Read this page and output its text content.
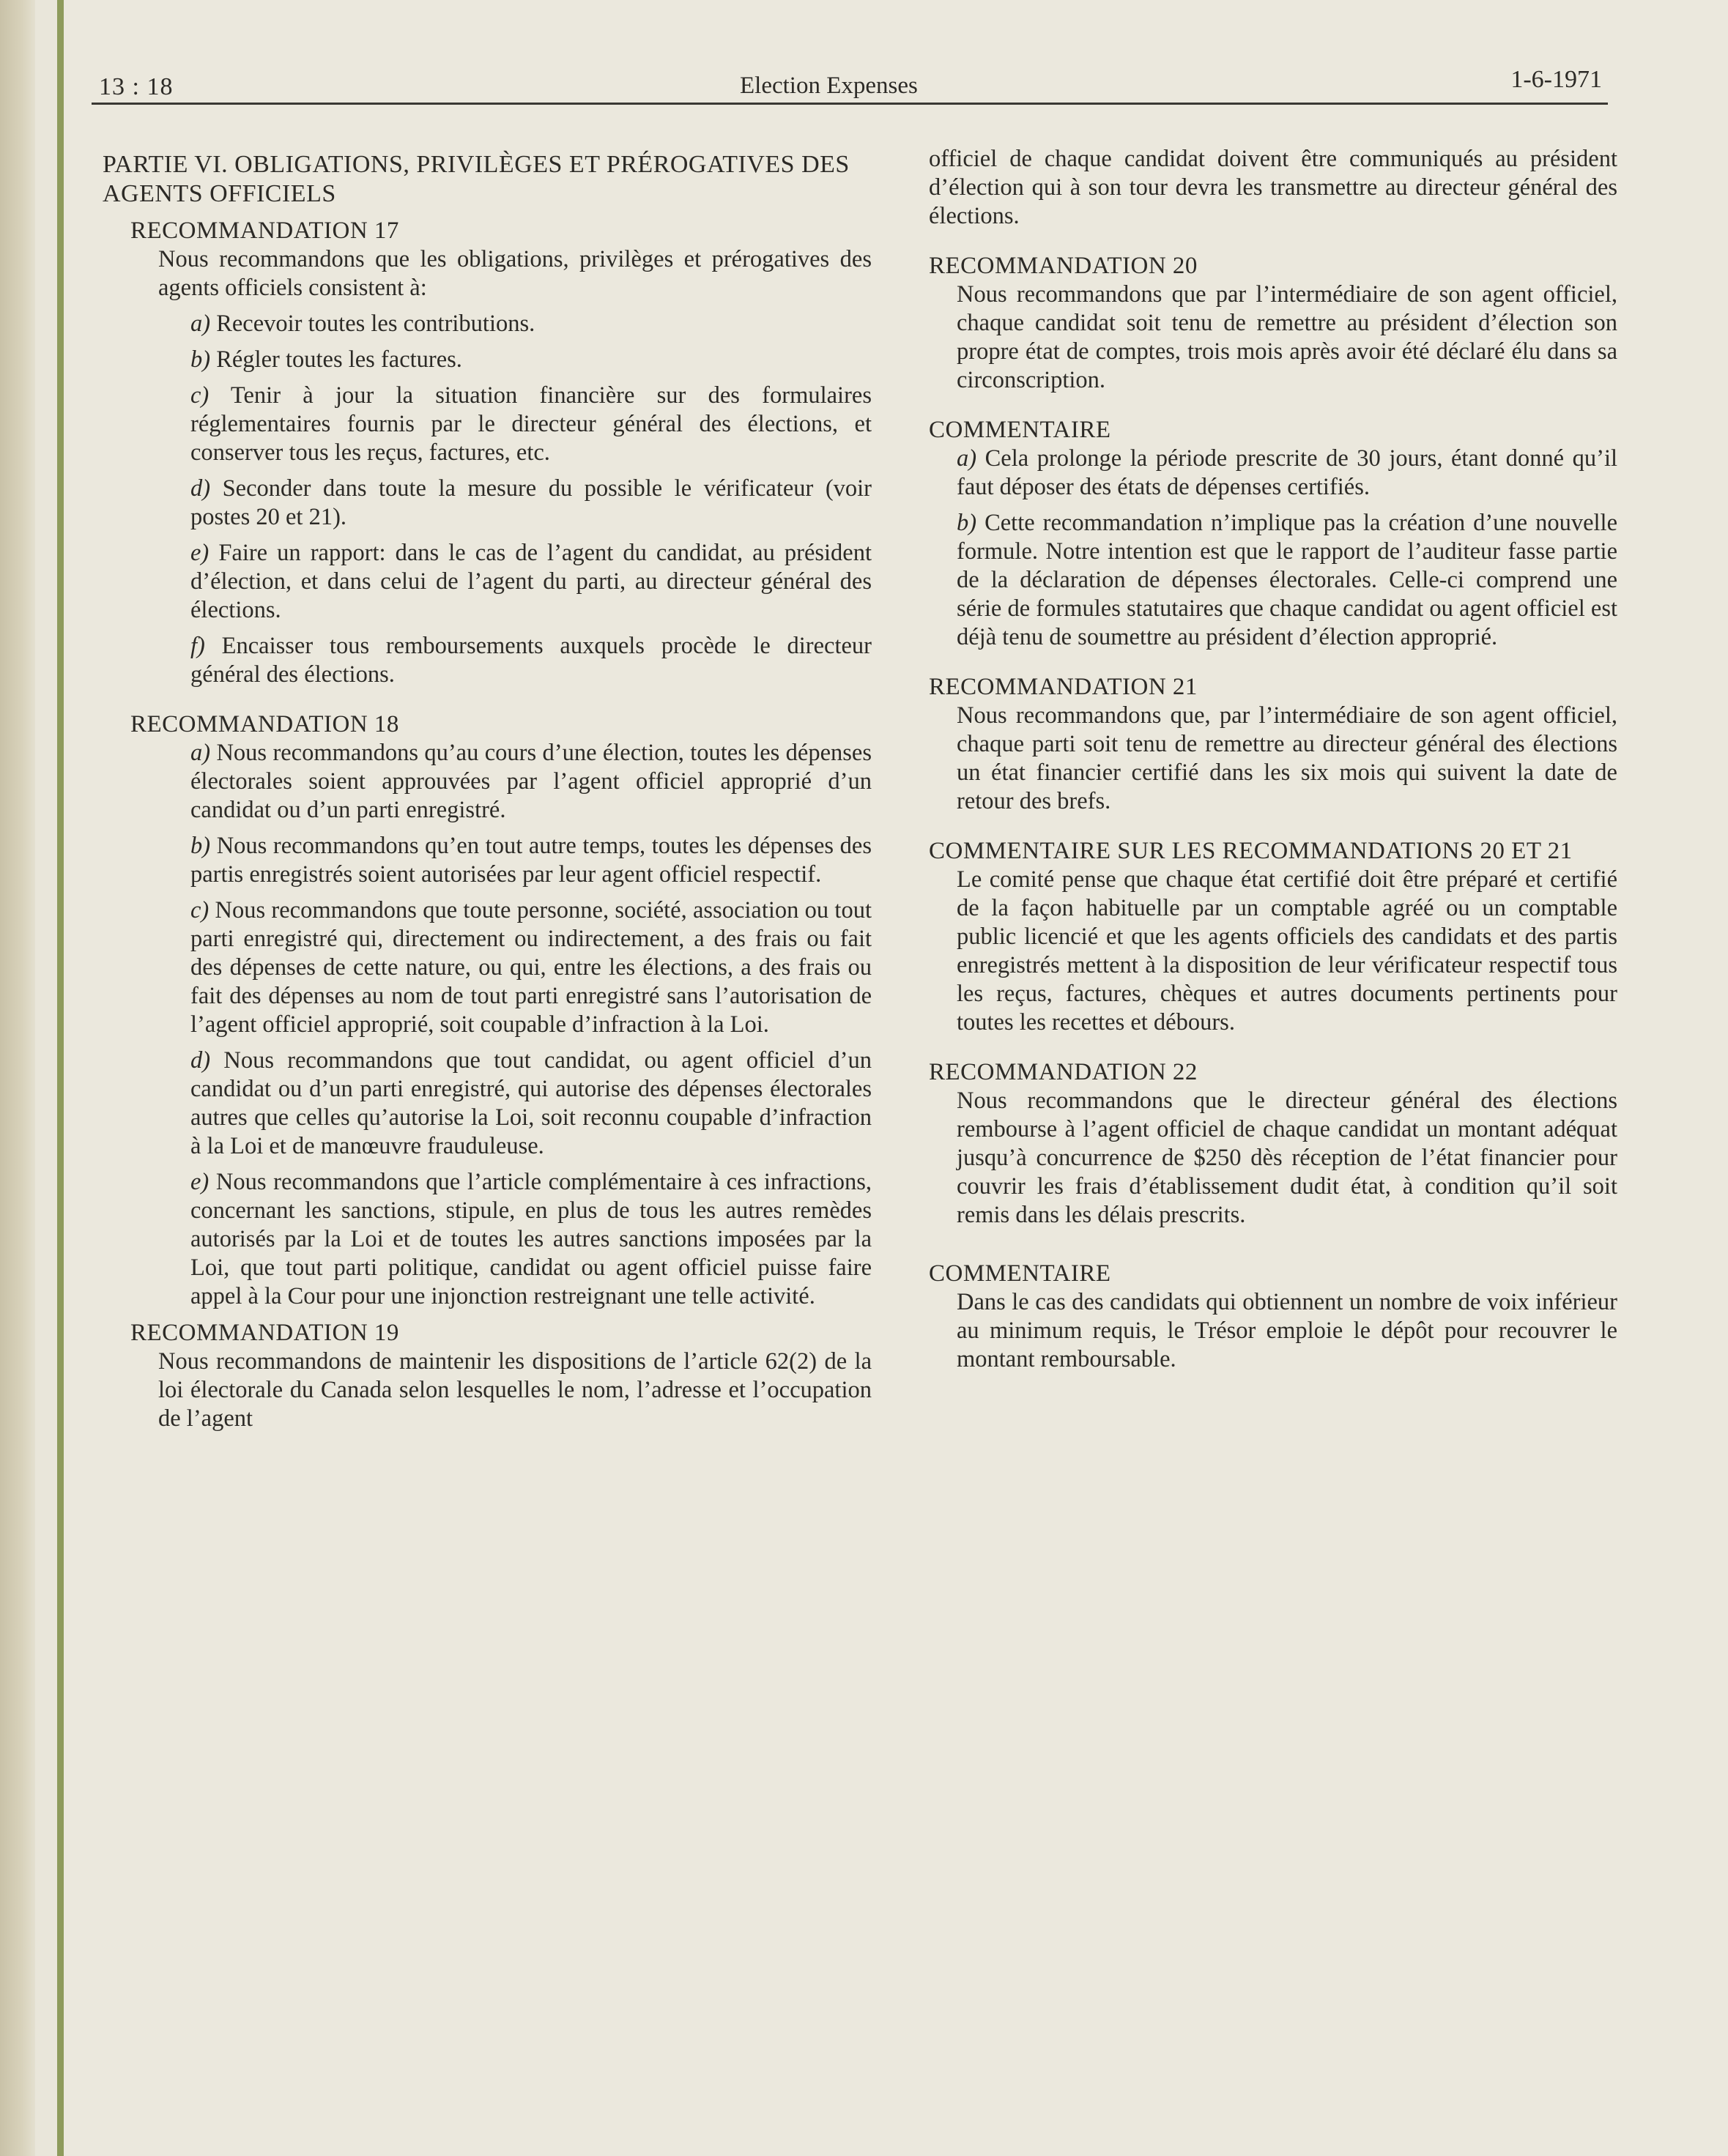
13 : 18	Election Expenses	1-6-1971
PARTIE VI. OBLIGATIONS, PRIVILÈGES ET PRÉROGATIVES DES AGENTS OFFICIELS
RECOMMANDATION 17
Nous recommandons que les obligations, privilèges et prérogatives des agents officiels consistent à:
a) Recevoir toutes les contributions.
b) Régler toutes les factures.
c) Tenir à jour la situation financière sur des formulaires réglementaires fournis par le directeur général des élections, et conserver tous les reçus, factures, etc.
d) Seconder dans toute la mesure du possible le vérificateur (voir postes 20 et 21).
e) Faire un rapport: dans le cas de l’agent du candidat, au président d’élection, et dans celui de l’agent du parti, au directeur général des élections.
f) Encaisser tous remboursements auxquels procède le directeur général des élections.
RECOMMANDATION 18
a) Nous recommandons qu’au cours d’une élection, toutes les dépenses électorales soient approuvées par l’agent officiel approprié d’un candidat ou d’un parti enregistré.
b) Nous recommandons qu’en tout autre temps, toutes les dépenses des partis enregistrés soient autorisées par leur agent officiel respectif.
c) Nous recommandons que toute personne, société, association ou tout parti enregistré qui, directement ou indirectement, a des frais ou fait des dépenses de cette nature, ou qui, entre les élections, a des frais ou fait des dépenses au nom de tout parti enregistré sans l’autorisation de l’agent officiel approprié, soit coupable d’infraction à la Loi.
d) Nous recommandons que tout candidat, ou agent officiel d’un candidat ou d’un parti enregistré, qui autorise des dépenses électorales autres que celles qu’autorise la Loi, soit reconnu coupable d’infraction à la Loi et de manœuvre frauduleuse.
e) Nous recommandons que l’article complémentaire à ces infractions, concernant les sanctions, stipule, en plus de tous les autres remèdes autorisés par la Loi et de toutes les autres sanctions imposées par la Loi, que tout parti politique, candidat ou agent officiel puisse faire appel à la Cour pour une injonction restreignant une telle activité.
RECOMMANDATION 19
Nous recommandons de maintenir les dispositions de l’article 62(2) de la loi électorale du Canada selon lesquelles le nom, l’adresse et l’occupation de l’agent
officiel de chaque candidat doivent être communiqués au président d’élection qui à son tour devra les transmettre au directeur général des élections.
RECOMMANDATION 20
Nous recommandons que par l’intermédiaire de son agent officiel, chaque candidat soit tenu de remettre au président d’élection son propre état de comptes, trois mois après avoir été déclaré élu dans sa circonscription.
COMMENTAIRE
a) Cela prolonge la période prescrite de 30 jours, étant donné qu’il faut déposer des états de dépenses certifiés.
b) Cette recommandation n’implique pas la création d’une nouvelle formule. Notre intention est que le rapport de l’auditeur fasse partie de la déclaration de dépenses électorales. Celle-ci comprend une série de formules statutaires que chaque candidat ou agent officiel est déjà tenu de soumettre au président d’élection approprié.
RECOMMANDATION 21
Nous recommandons que, par l’intermédiaire de son agent officiel, chaque parti soit tenu de remettre au directeur général des élections un état financier certifié dans les six mois qui suivent la date de retour des brefs.
COMMENTAIRE SUR LES RECOMMANDATIONS 20 ET 21
Le comité pense que chaque état certifié doit être préparé et certifié de la façon habituelle par un comptable agréé ou un comptable public licencié et que les agents officiels des candidats et des partis enregistrés mettent à la disposition de leur vérificateur respectif tous les reçus, factures, chèques et autres documents pertinents pour toutes les recettes et débours.
RECOMMANDATION 22
Nous recommandons que le directeur général des élections rembourse à l’agent officiel de chaque candidat un montant adéquat jusqu’à concurrence de $250 dès réception de l’état financier pour couvrir les frais d’établissement dudit état, à condition qu’il soit remis dans les délais prescrits.
COMMENTAIRE
Dans le cas des candidats qui obtiennent un nombre de voix inférieur au minimum requis, le Trésor emploie le dépôt pour recouvrer le montant remboursable.
